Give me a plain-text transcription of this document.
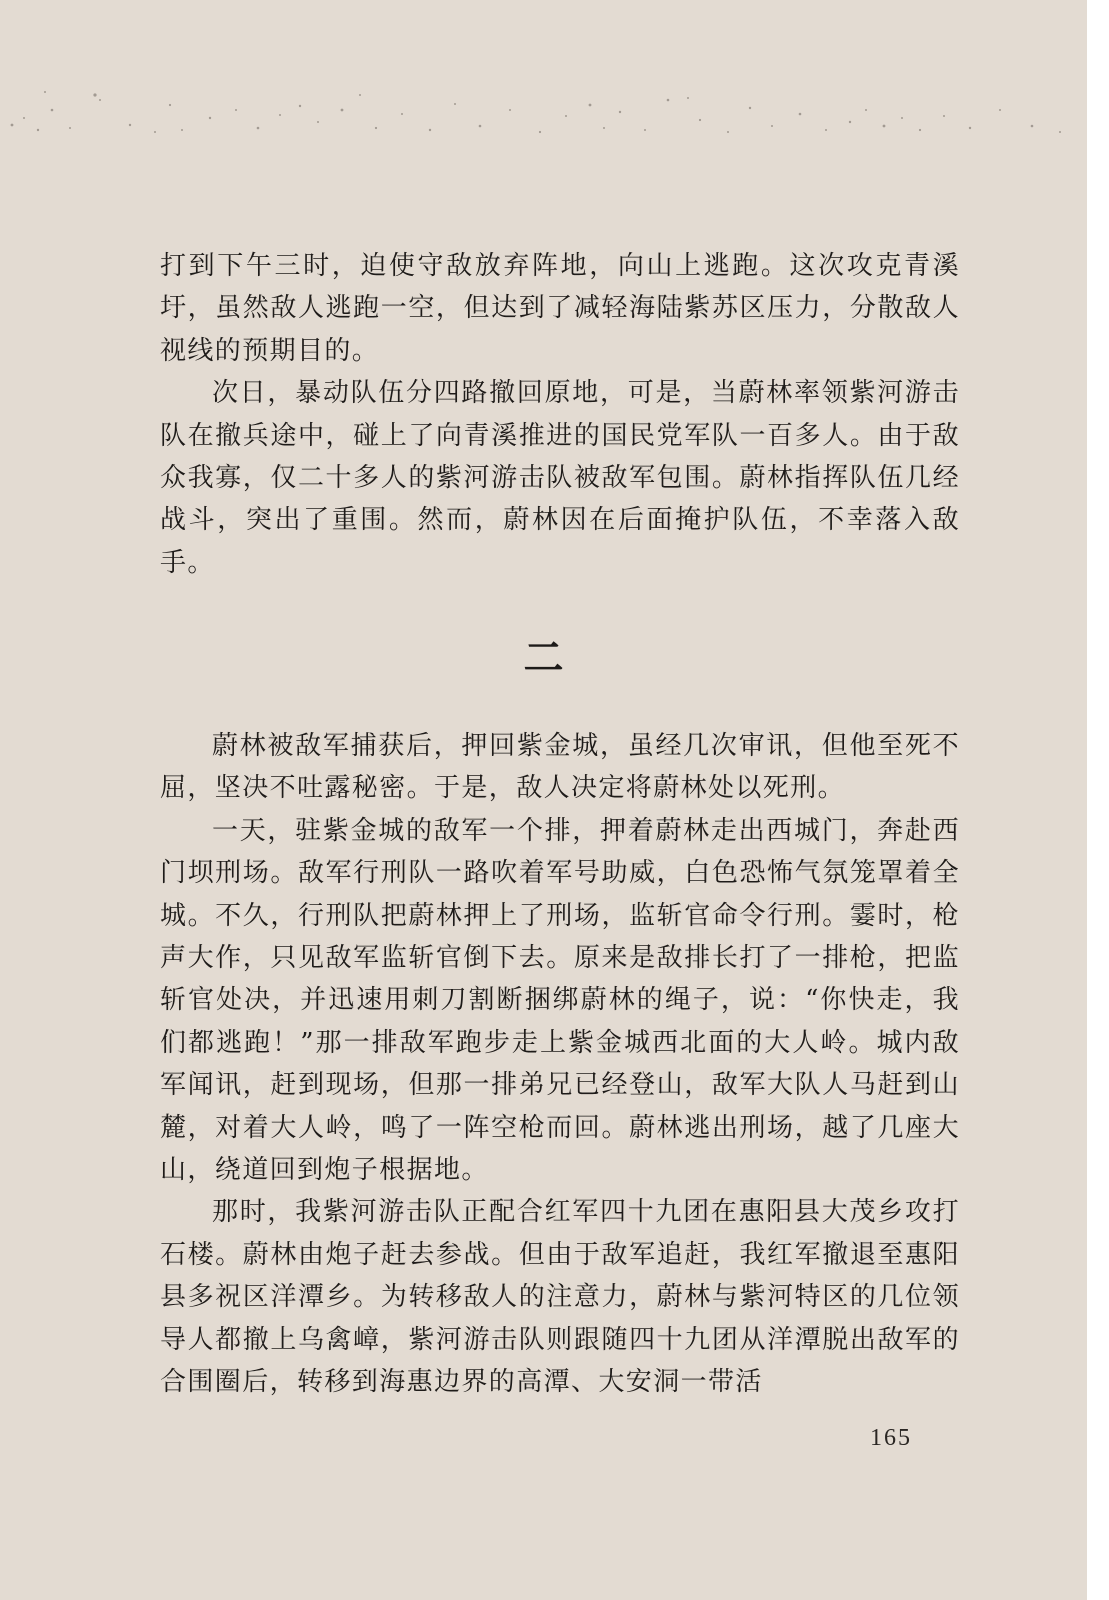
打到下午三时，迫使守敌放弃阵地，向山上逃跑。这次攻克青溪圩，虽然敌人逃跑一空，但达到了减轻海陆紫苏区压力，分散敌人视线的预期目的。

次日，暴动队伍分四路撤回原地，可是，当蔚林率领紫河游击队在撤兵途中，碰上了向青溪推进的国民党军队一百多人。由于敌众我寡，仅二十多人的紫河游击队被敌军包围。蔚林指挥队伍几经战斗，突出了重围。然而，蔚林因在后面掩护队伍，不幸落入敌手。

二

蔚林被敌军捕获后，押回紫金城，虽经几次审讯，但他至死不屈，坚决不吐露秘密。于是，敌人决定将蔚林处以死刑。

一天，驻紫金城的敌军一个排，押着蔚林走出西城门，奔赴西门坝刑场。敌军行刑队一路吹着军号助威，白色恐怖气氛笼罩着全城。不久，行刑队把蔚林押上了刑场，监斩官命令行刑。霎时，枪声大作，只见敌军监斩官倒下去。原来是敌排长打了一排枪，把监斩官处决，并迅速用刺刀割断捆绑蔚林的绳子，说：“你快走，我们都逃跑！”那一排敌军跑步走上紫金城西北面的大人岭。城内敌军闻讯，赶到现场，但那一排弟兄已经登山，敌军大队人马赶到山麓，对着大人岭，鸣了一阵空枪而回。蔚林逃出刑场，越了几座大山，绕道回到炮子根据地。

那时，我紫河游击队正配合红军四十九团在惠阳县大茂乡攻打石楼。蔚林由炮子赶去参战。但由于敌军追赶，我红军撤退至惠阳县多祝区洋潭乡。为转移敌人的注意力，蔚林与紫河特区的几位领导人都撤上乌禽嶂，紫河游击队则跟随四十九团从洋潭脱出敌军的合围圈后，转移到海惠边界的高潭、大安洞一带活

165
